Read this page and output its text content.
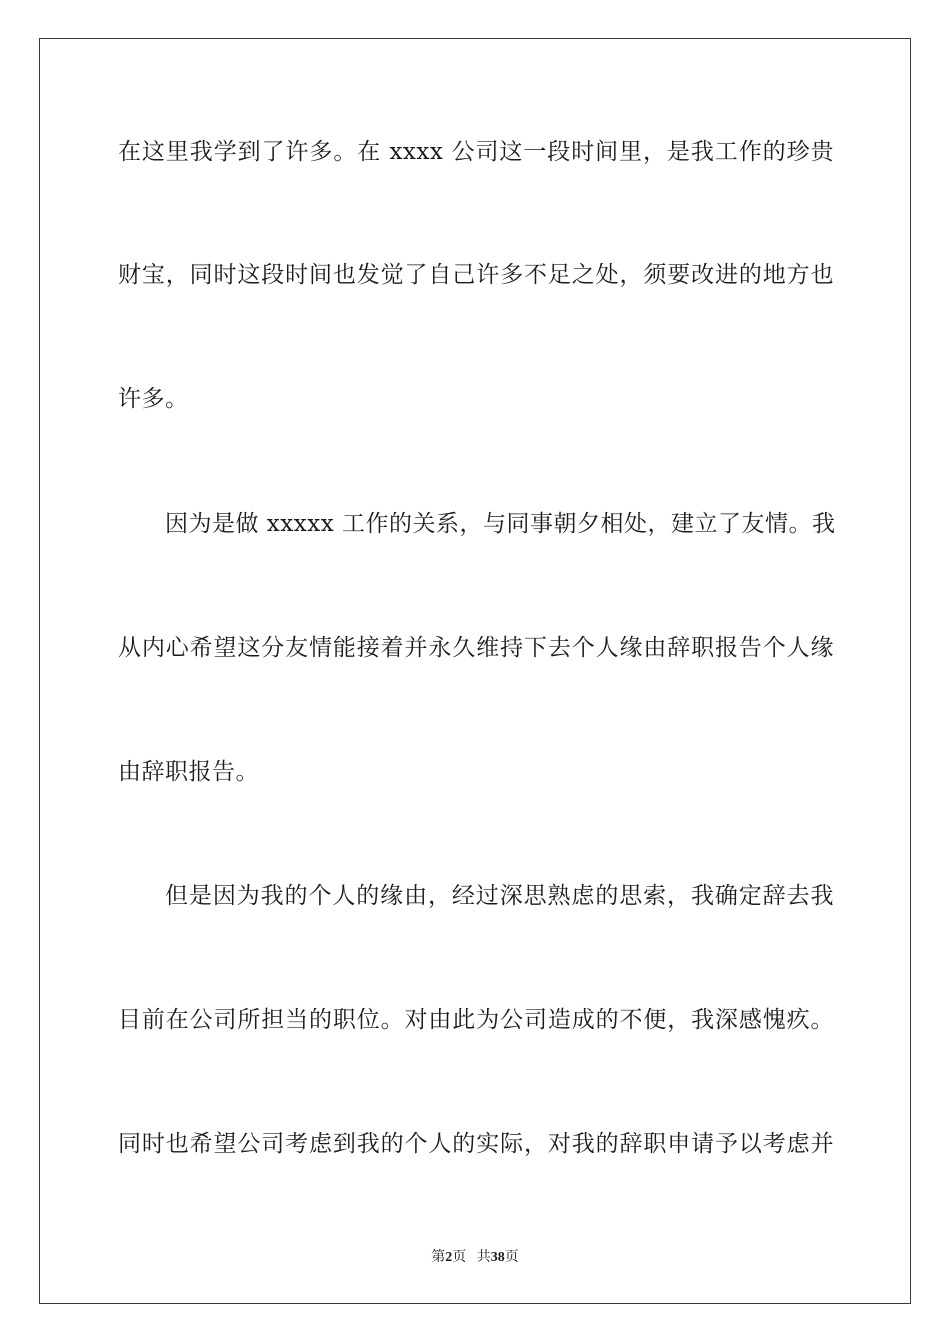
在这里我学到了许多。在 xxxx 公司这一段时间里，是我工作的珍贵

财宝，同时这段时间也发觉了自己许多不足之处，须要改进的地方也

许多。

因为是做 xxxxx 工作的关系，与同事朝夕相处，建立了友情。我

从内心希望这分友情能接着并永久维持下去个人缘由辞职报告个人缘

由辞职报告。

但是因为我的个人的缘由，经过深思熟虑的思索，我确定辞去我

目前在公司所担当的职位。对由此为公司造成的不便，我深感愧疚。

同时也希望公司考虑到我的个人的实际，对我的辞职申请予以考虑并

第2页 共38页
